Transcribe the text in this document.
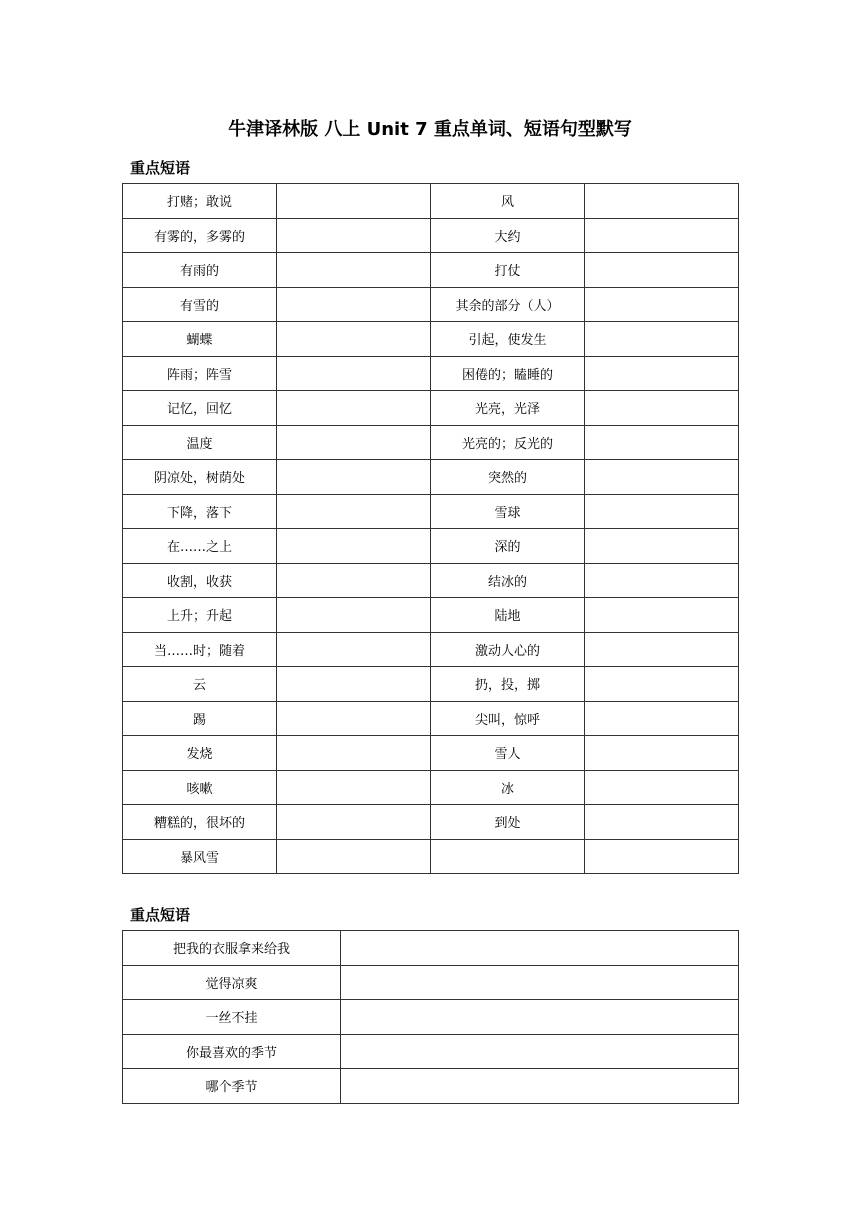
牛津译林版 八上 Unit 7 重点单词、短语句型默写
重点短语
打赌；敢说		风	
有雾的，多雾的		大约	
有雨的		打仗	
有雪的		其余的部分（人）	
蝴蝶		引起，使发生	
阵雨；阵雪		困倦的；瞌睡的	
记忆，回忆		光亮，光泽	
温度		光亮的；反光的	
阴凉处，树荫处		突然的	
下降，落下		雪球	
在……之上		深的	
收割，收获		结冰的	
上升；升起		陆地	
当……时；随着		激动人心的	
云		扔，投，掷	
踢		尖叫，惊呼	
发烧		雪人	
咳嗽		冰	
糟糕的，很坏的		到处	
暴风雪			
重点短语
把我的衣服拿来给我	
觉得凉爽	
一丝不挂	
你最喜欢的季节	
哪个季节	
